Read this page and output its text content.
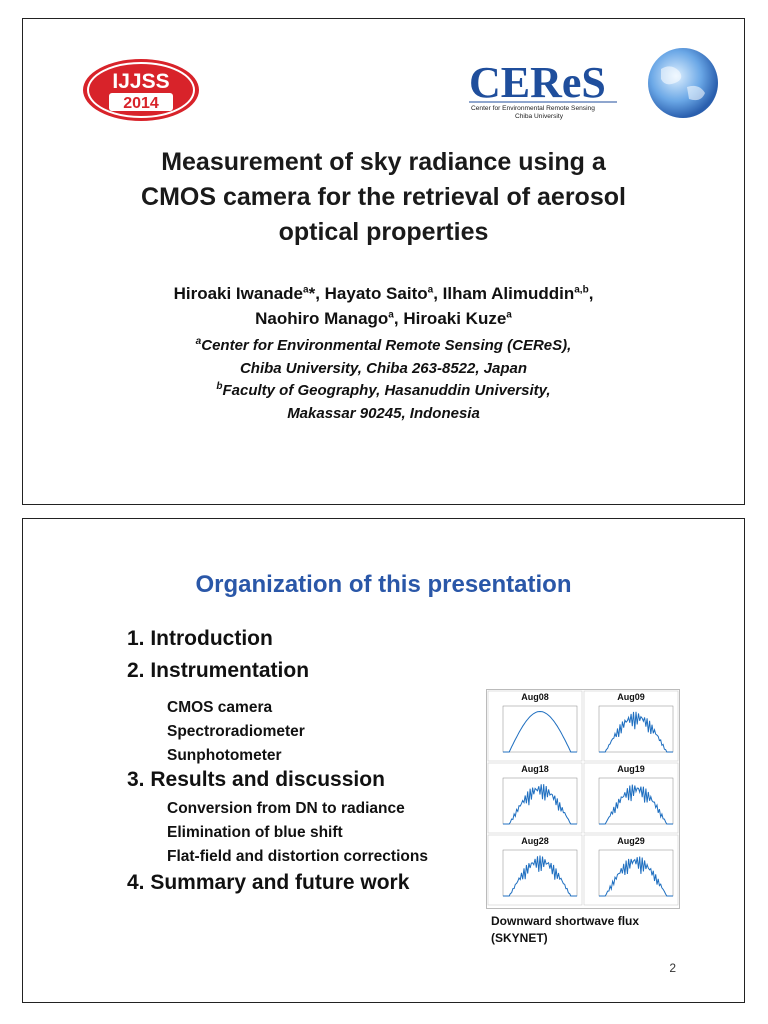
IJJSS
2014	CEReS
Center for Environmental Remote Sensing
Chiba University
Measurement of sky radiance using a
CMOS camera for the retrieval of aerosol
optical properties
Hiroaki Iwanade$^a$*, Hayato Saito$^a$, Ilham Alimuddin$^{a,b}$,
Naohiro Manago$^a$, Hiroaki Kuze$^a$
$^a$Center for Environmental Remote Sensing (CEReS),
Chiba University, Chiba 263-8522, Japan
$^b$Faculty of Geography, Hasanuddin University,
Makassar 90245, Indonesia
Organization of this presentation
1. Introduction
2. Instrumentation
CMOS camera
Spectroradiometer
Sunphotometer
3. Results and discussion
Conversion from DN to radiance
Elimination of blue shift
Flat-field and distortion corrections
4. Summary and future work
Aug08	Aug09
Aug18	Aug19
Aug28	Aug29
Downward shortwave flux
(SKYNET)
2
